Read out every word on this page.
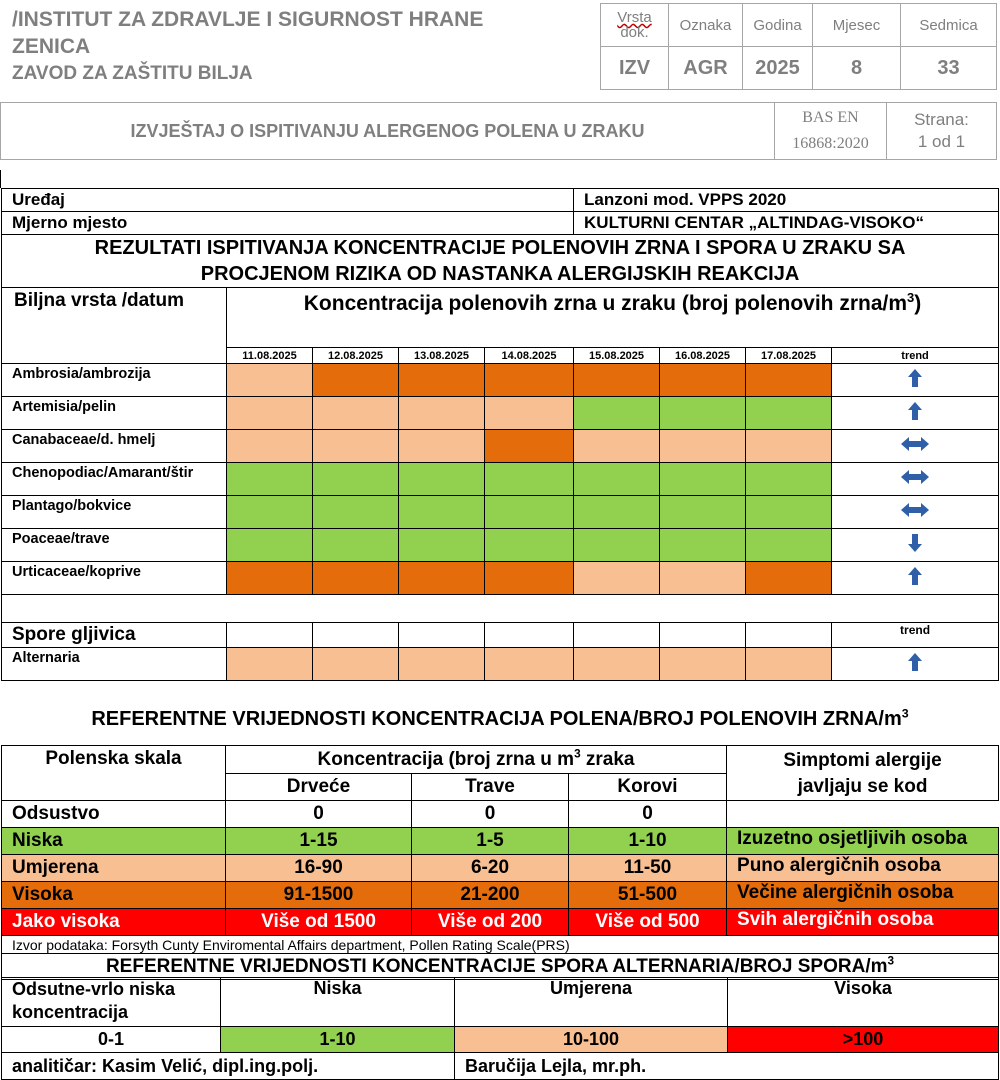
/INSTITUT ZA ZDRAVLJE I SIGURNOST HRANE
ZENICA
ZAVOD ZA ZAŠTITU BILJA
Vrsta
dok.	Oznaka	Godina	Mjesec	Sedmica
IZV	AGR	2025	8	33
IZVJEŠTAJ O ISPITIVANJU ALERGENOG POLENA U ZRAKU	BAS EN
16868:2020	Strana:
1 od 1
Uređaj					Lanzoni mod. VPPS 2020			
Mjerno mjesto					KULTURNI CENTAR „ALTINDAG-VISOKO“			
REZULTATI ISPITIVANJA KONCENTRACIJE POLENOVIH ZRNA I SPORA U ZRAKU SA
PROCJENOM RIZIKA OD NASTANKA ALERGIJSKIH REAKCIJA								
Biljna vrsta /datum	Koncentracija polenovih zrna u zraku (broj polenovih zrna/$m^3$)							
	11.08.2025	12.08.2025	13.08.2025	14.08.2025	15.08.2025	16.08.2025	17.08.2025	trend
Ambrosia/ambrozija								
Artemisia/pelin								
Canabaceae/d. hmelj								
Chenopodiac/Amarant/štir								
Plantago/bokvice								
Poaceae/trave								
Urticaceae/koprive								

Spore gljivica								trend
Alternaria								
REFERENTNE VRIJEDNOSTI KONCENTRACIJA POLENA/BROJ POLENOVIH ZRNA/$m^3$
Polenska skala	Koncentracija (broj zrna u $m^3$ zraka			Simptomi alergije
javljaju se kod
	Drveće	Trave	Korovi	
Odsustvo	0	0	0	
Niska	1-15	1-5	1-10	Izuzetno osjetljivih osoba
Umjerena	16-90	6-20	11-50	Puno alergičnih osoba
Visoka	91-1500	21-200	51-500	Večine alergičnih osoba
Jako visoka	Više od 1500	Više od 200	Više od 500	Svih alergičnih osoba
Izvor podataka: Forsyth Cunty Enviromental Affairs department, Pollen Rating Scale(PRS)				
REFERENTNE VRIJEDNOSTI KONCENTRACIJE SPORA ALTERNARIA/BROJ SPORA/$m^3$
Odsutne-vrlo niska koncentracija	Niska	Umjerena	Visoka
0-1	1-10	10-100	>100
analitičar: Kasim Velić, dipl.ing.polj.		Baručija Lejla, mr.ph.	
